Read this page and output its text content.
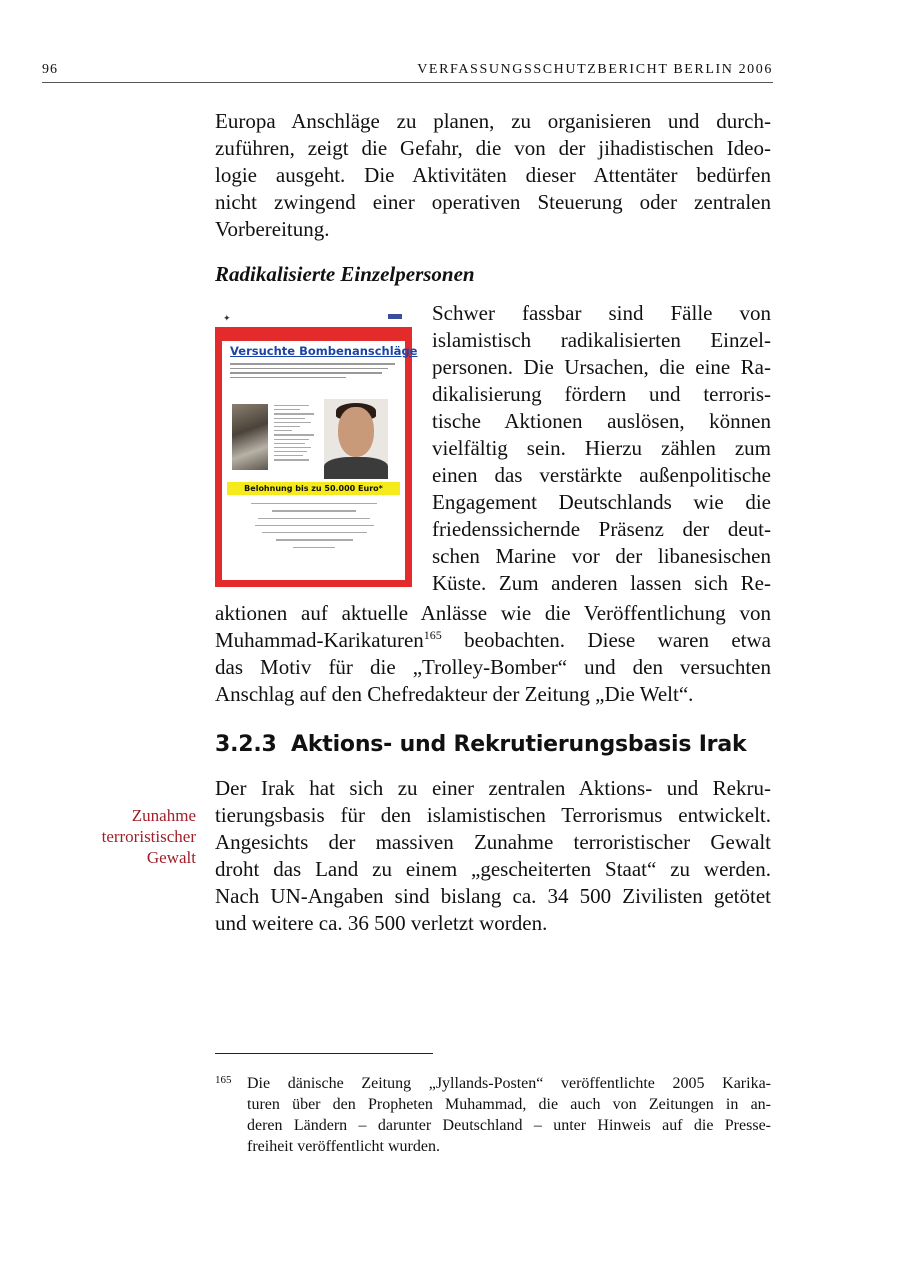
96	VERFASSUNGSSCHUTZBERICHT BERLIN 2006

Europa Anschläge zu planen, zu organisieren und durch-
zuführen, zeigt die Gefahr, die von der jihadistischen Ideo-
logie ausgeht. Die Aktivitäten dieser Attentäter bedürfen
nicht zwingend einer operativen Steuerung oder zentralen
Vorbereitung.

Radikalisierte Einzelpersonen
✦
Versuchte Bombenanschläge
Belohnung bis zu 50.000 Euro*

Schwer fassbar sind Fälle von
islamistisch radikalisierten Einzel-
personen. Die Ursachen, die eine Ra-
dikalisierung fördern und terroris-
tische Aktionen auslösen, können
vielfältig sein. Hierzu zählen zum
einen das verstärkte außenpolitische
Engagement Deutschlands wie die
friedenssichernde Präsenz der deut-
schen Marine vor der libanesischen
Küste. Zum anderen lassen sich Re-

aktionen auf aktuelle Anlässe wie die Veröffentlichung von
Muhammad-Karikaturen$^{165}$ beobachten. Diese waren etwa
das Motiv für die „Trolley-Bomber“ und den versuchten
Anschlag auf den Chefredakteur der Zeitung „Die Welt“.

3.2.3 Aktions- und Rekrutierungsbasis Irak
Zunahme
terroristischer
Gewalt

Der Irak hat sich zu einer zentralen Aktions- und Rekru-
tierungsbasis für den islamistischen Terrorismus entwickelt.
Angesichts der massiven Zunahme terroristischer Gewalt
droht das Land zu einem „gescheiterten Staat“ zu werden.
Nach UN-Angaben sind bislang ca. 34 500 Zivilisten getötet
und weitere ca. 36 500 verletzt worden.

165 Die dänische Zeitung „Jyllands-Posten“ veröffentlichte 2005 Karika-
turen über den Propheten Muhammad, die auch von Zeitungen in an-
deren Ländern – darunter Deutschland – unter Hinweis auf die Presse-
freiheit veröffentlicht wurden.
